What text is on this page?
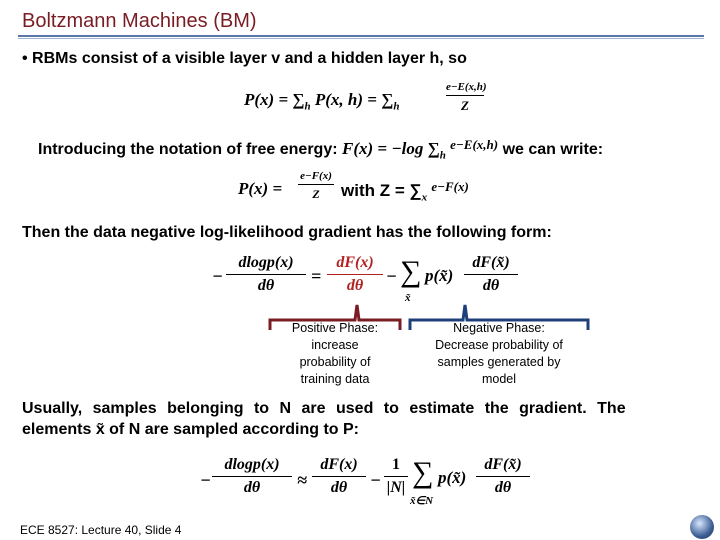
Boltzmann Machines (BM)
• RBMs consist of a visible layer v and a hidden layer h, so
$P(x) = \sum_h$ P(x, $h) = \sum_h$
e−E(x,h)
Z
Introducing the notation of free energy: F(x) = −log $\sum_h$ $^{e-E(x,h)}$ we can write:
P(x) =
e−F(x)
Z	with $Z = \sum_x$ $^{e-F(x)}$
Then the data negative log-likelihood gradient has the following form:
−
dlogp(x)
dθ	=
dF(x)
dθ	− ∑
x̃
p(x̃)
dF(x̃)
dθ
Positive Phase:
increase
probability of
training data
Negative Phase:
Decrease probability of
samples generated by
model
Usually, samples belonging to N are used to estimate the gradient. The
elements x̃ of N are sampled according to P:
−
dlogp(x)
dθ	≈
dF(x)
dθ	−
1
|N| ∑
x̃∈N
p(x̃)
dF(x̃)
dθ
ECE 8527: Lecture 40, Slide 4
